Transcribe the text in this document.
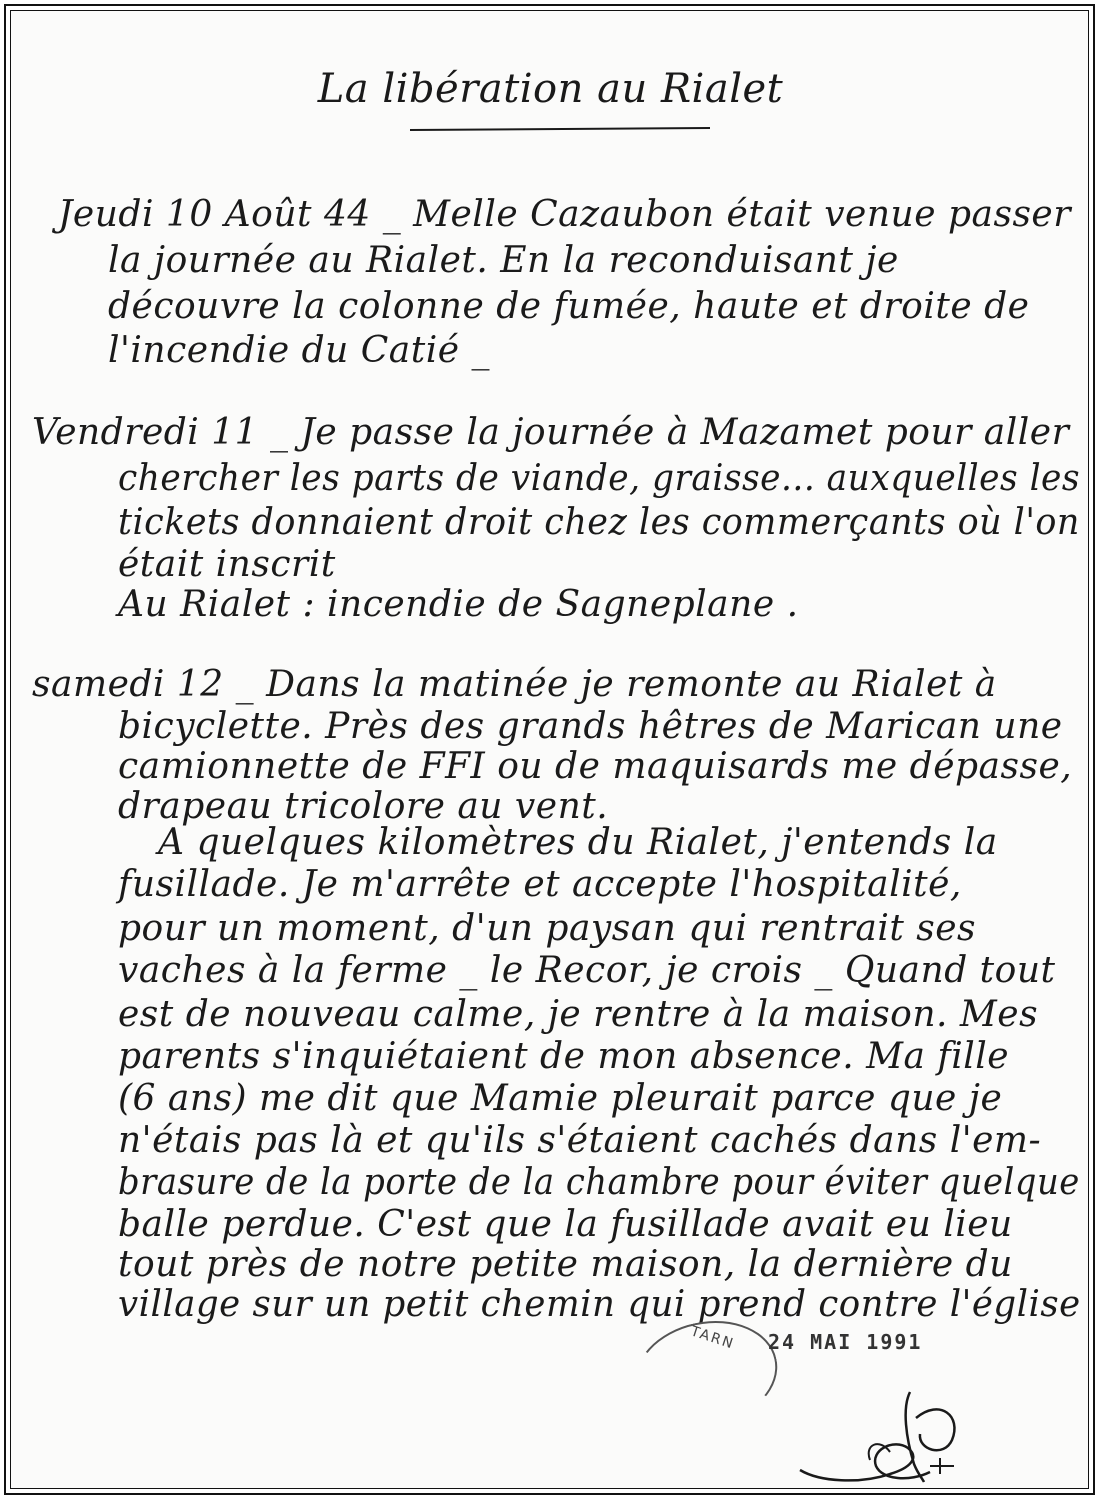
La libération au Rialet
Jeudi 10 Août 44 _ Melle Cazaubon était venue passer
la journée au Rialet. En la reconduisant je
découvre la colonne de fumée, haute et droite de
l'incendie du Catié _
Vendredi 11 _ Je passe la journée à Mazamet pour aller
chercher les parts de viande, graisse... auxquelles les
tickets donnaient droit chez les commerçants où l'on
était inscrit
Au Rialet : incendie de Sagneplane .
samedi 12 _ Dans la matinée je remonte au Rialet à
bicyclette. Près des grands hêtres de Marican une
camionnette de FFI ou de maquisards me dépasse,
drapeau tricolore au vent.
A quelques kilomètres du Rialet, j'entends la
fusillade. Je m'arrête et accepte l'hospitalité,
pour un moment, d'un paysan qui rentrait ses
vaches à la ferme _ le Recor, je crois _ Quand tout
est de nouveau calme, je rentre à la maison. Mes
parents s'inquiétaient de mon absence. Ma fille
(6 ans) me dit que Mamie pleurait parce que je
n'étais pas là et qu'ils s'étaient cachés dans l'em-
brasure de la porte de la chambre pour éviter quelque
balle perdue. C'est que la fusillade avait eu lieu
tout près de notre petite maison, la dernière du
village sur un petit chemin qui prend contre l'église
TARN 24 MAI 1991
